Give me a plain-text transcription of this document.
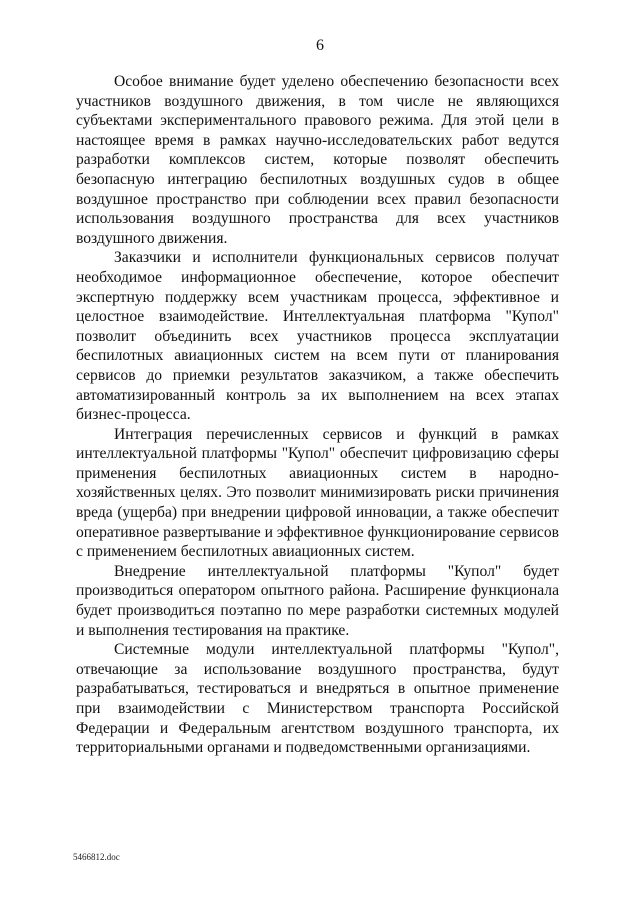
6

Особое внимание будет уделено обеспечению безопасности всех участников воздушного движения, в том числе не являющихся субъектами экспериментального правового режима. Для этой цели в настоящее время в рамках научно-исследовательских работ ведутся разработки комплексов систем, которые позволят обеспечить безопасную интеграцию беспилотных воздушных судов в общее воздушное пространство при соблюдении всех правил безопасности использования воздушного пространства для всех участников воздушного движения.

Заказчики и исполнители функциональных сервисов получат необходимое информационное обеспечение, которое обеспечит экспертную поддержку всем участникам процесса, эффективное и целостное взаимодействие. Интеллектуальная платформа "Купол" позволит объединить всех участников процесса эксплуатации беспилотных авиационных систем на всем пути от планирования сервисов до приемки результатов заказчиком, а также обеспечить автоматизированный контроль за их выполнением на всех этапах бизнес-процесса.

Интеграция перечисленных сервисов и функций в рамках интеллектуальной платформы "Купол" обеспечит цифровизацию сферы применения беспилотных авиационных систем в народно-хозяйственных целях. Это позволит минимизировать риски причинения вреда (ущерба) при внедрении цифровой инновации, а также обеспечит оперативное развертывание и эффективное функционирование сервисов с применением беспилотных авиационных систем.

Внедрение интеллектуальной платформы "Купол" будет производиться оператором опытного района. Расширение функционала будет производиться поэтапно по мере разработки системных модулей и выполнения тестирования на практике.

Системные модули интеллектуальной платформы "Купол", отвечающие за использование воздушного пространства, будут разрабатываться, тестироваться и внедряться в опытное применение при взаимодействии с Министерством транспорта Российской Федерации и Федеральным агентством воздушного транспорта, их территориальными органами и подведомственными организациями.

5466812.doc
